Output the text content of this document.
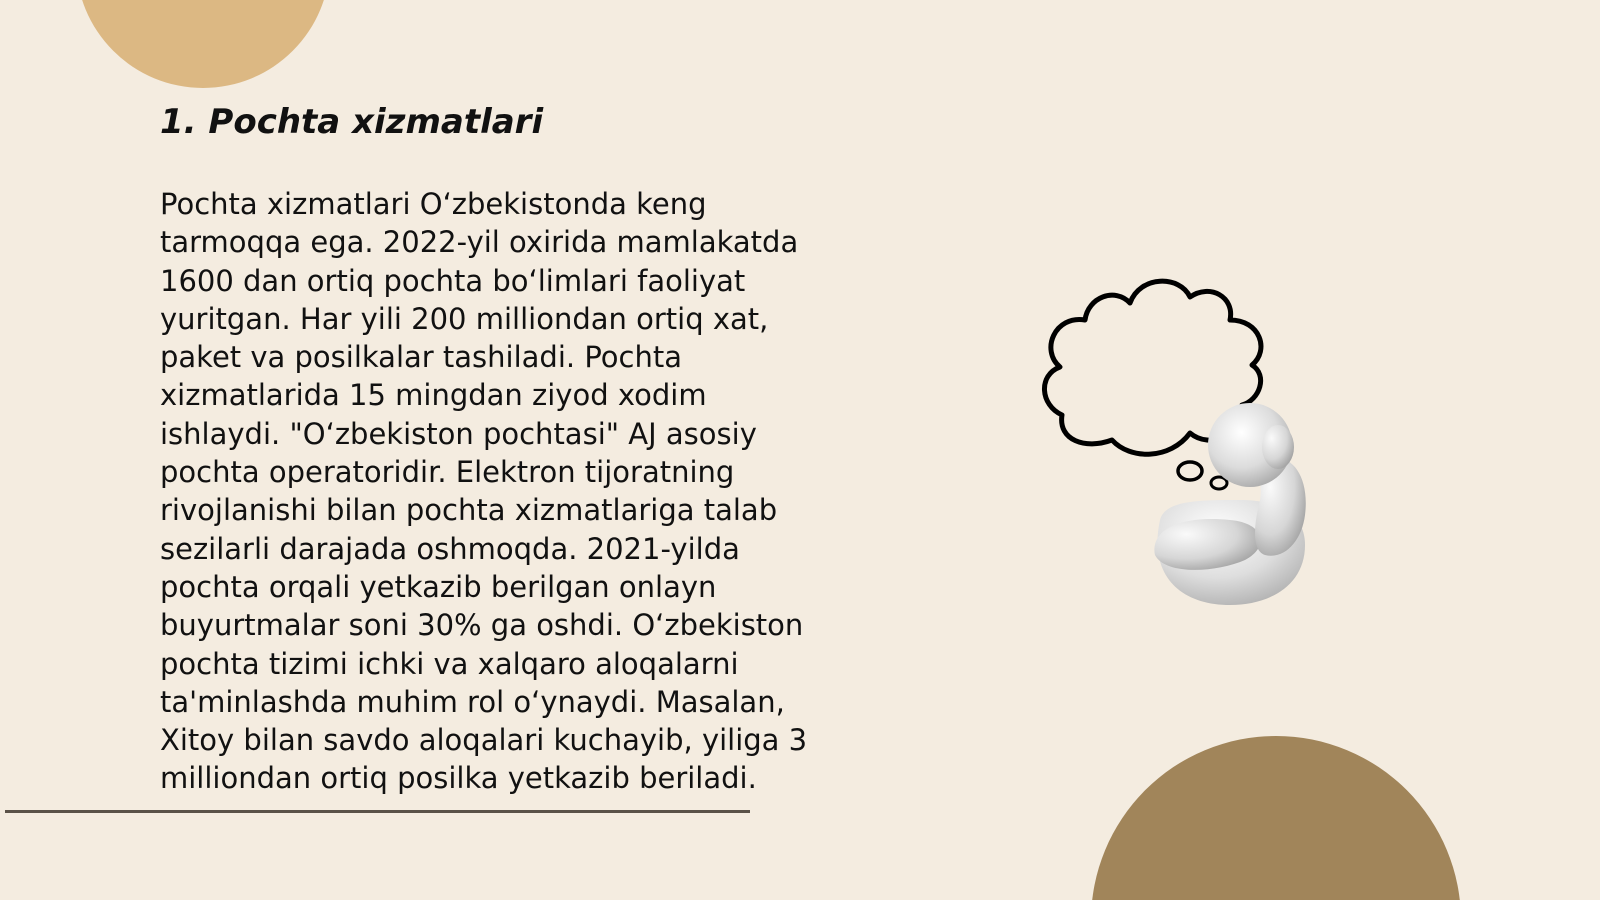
1. Pochta xizmatlari
Pochta xizmatlari O‘zbekistonda keng
tarmoqqa ega. 2022-yil oxirida mamlakatda
1600 dan ortiq pochta bo‘limlari faoliyat
yuritgan. Har yili 200 milliondan ortiq xat,
paket va posilkalar tashiladi. Pochta
xizmatlarida 15 mingdan ziyod xodim
ishlaydi. "O‘zbekiston pochtasi" AJ asosiy
pochta operatoridir. Elektron tijoratning
rivojlanishi bilan pochta xizmatlariga talab
sezilarli darajada oshmoqda. 2021-yilda
pochta orqali yetkazib berilgan onlayn
buyurtmalar soni 30% ga oshdi. O‘zbekiston
pochta tizimi ichki va xalqaro aloqalarni
ta'minlashda muhim rol o‘ynaydi. Masalan,
Xitoy bilan savdo aloqalari kuchayib, yiliga 3
milliondan ortiq posilka yetkazib beriladi.
